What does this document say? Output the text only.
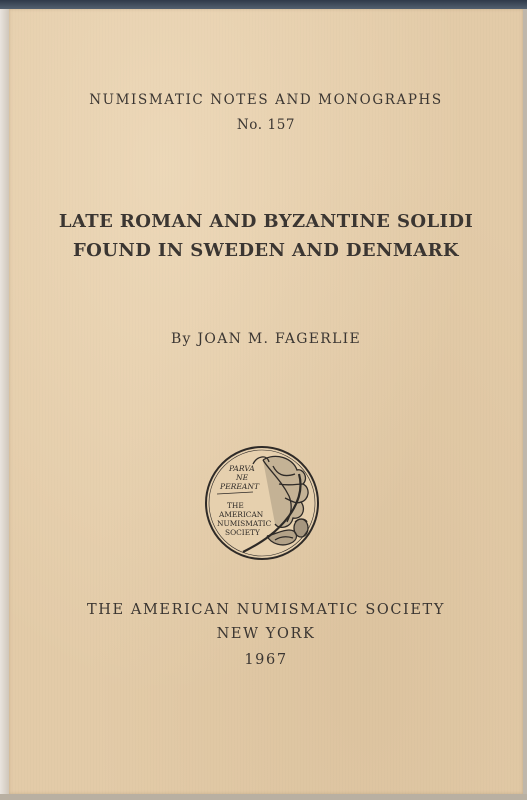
NUMISMATIC NOTES AND MONOGRAPHS
No. 157
LATE ROMAN AND BYZANTINE SOLIDI
FOUND IN SWEDEN AND DENMARK
By JOAN M. FAGERLIE
PARVA
NE
PEREANT
THE
AMERICAN
NUMISMATIC
SOCIETY
THE AMERICAN NUMISMATIC SOCIETY
NEW YORK
1967
